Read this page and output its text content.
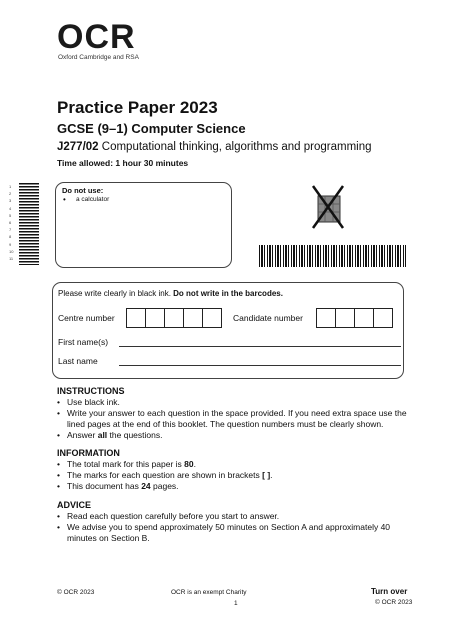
OCR
Oxford Cambridge and RSA
Practice Paper 2023
GCSE (9–1) Computer Science
J277/02 Computational thinking, algorithms and programming
Time allowed: 1 hour 30 minutes
1
2
3
4
5
6
7
8
9
10
11
Do not use:
• a calculator
Please write clearly in black ink. Do not write in the barcodes.
Centre number	Candidate number
First name(s)
Last name
INSTRUCTIONS
• Use black ink.
• Write your answer to each question in the space provided. If you need extra space use the lined pages at the end of this booklet. The question numbers must be clearly shown.
• Answer all the questions.
INFORMATION
• The total mark for this paper is 80.
• The marks for each question are shown in brackets [ ].
• This document has 24 pages.
ADVICE
• Read each question carefully before you start to answer.
• We advise you to spend approximately 50 minutes on Section A and approximately 40 minutes on Section B.
© OCR 2023	OCR is an exempt Charity
1
Turn over
© OCR 2023
